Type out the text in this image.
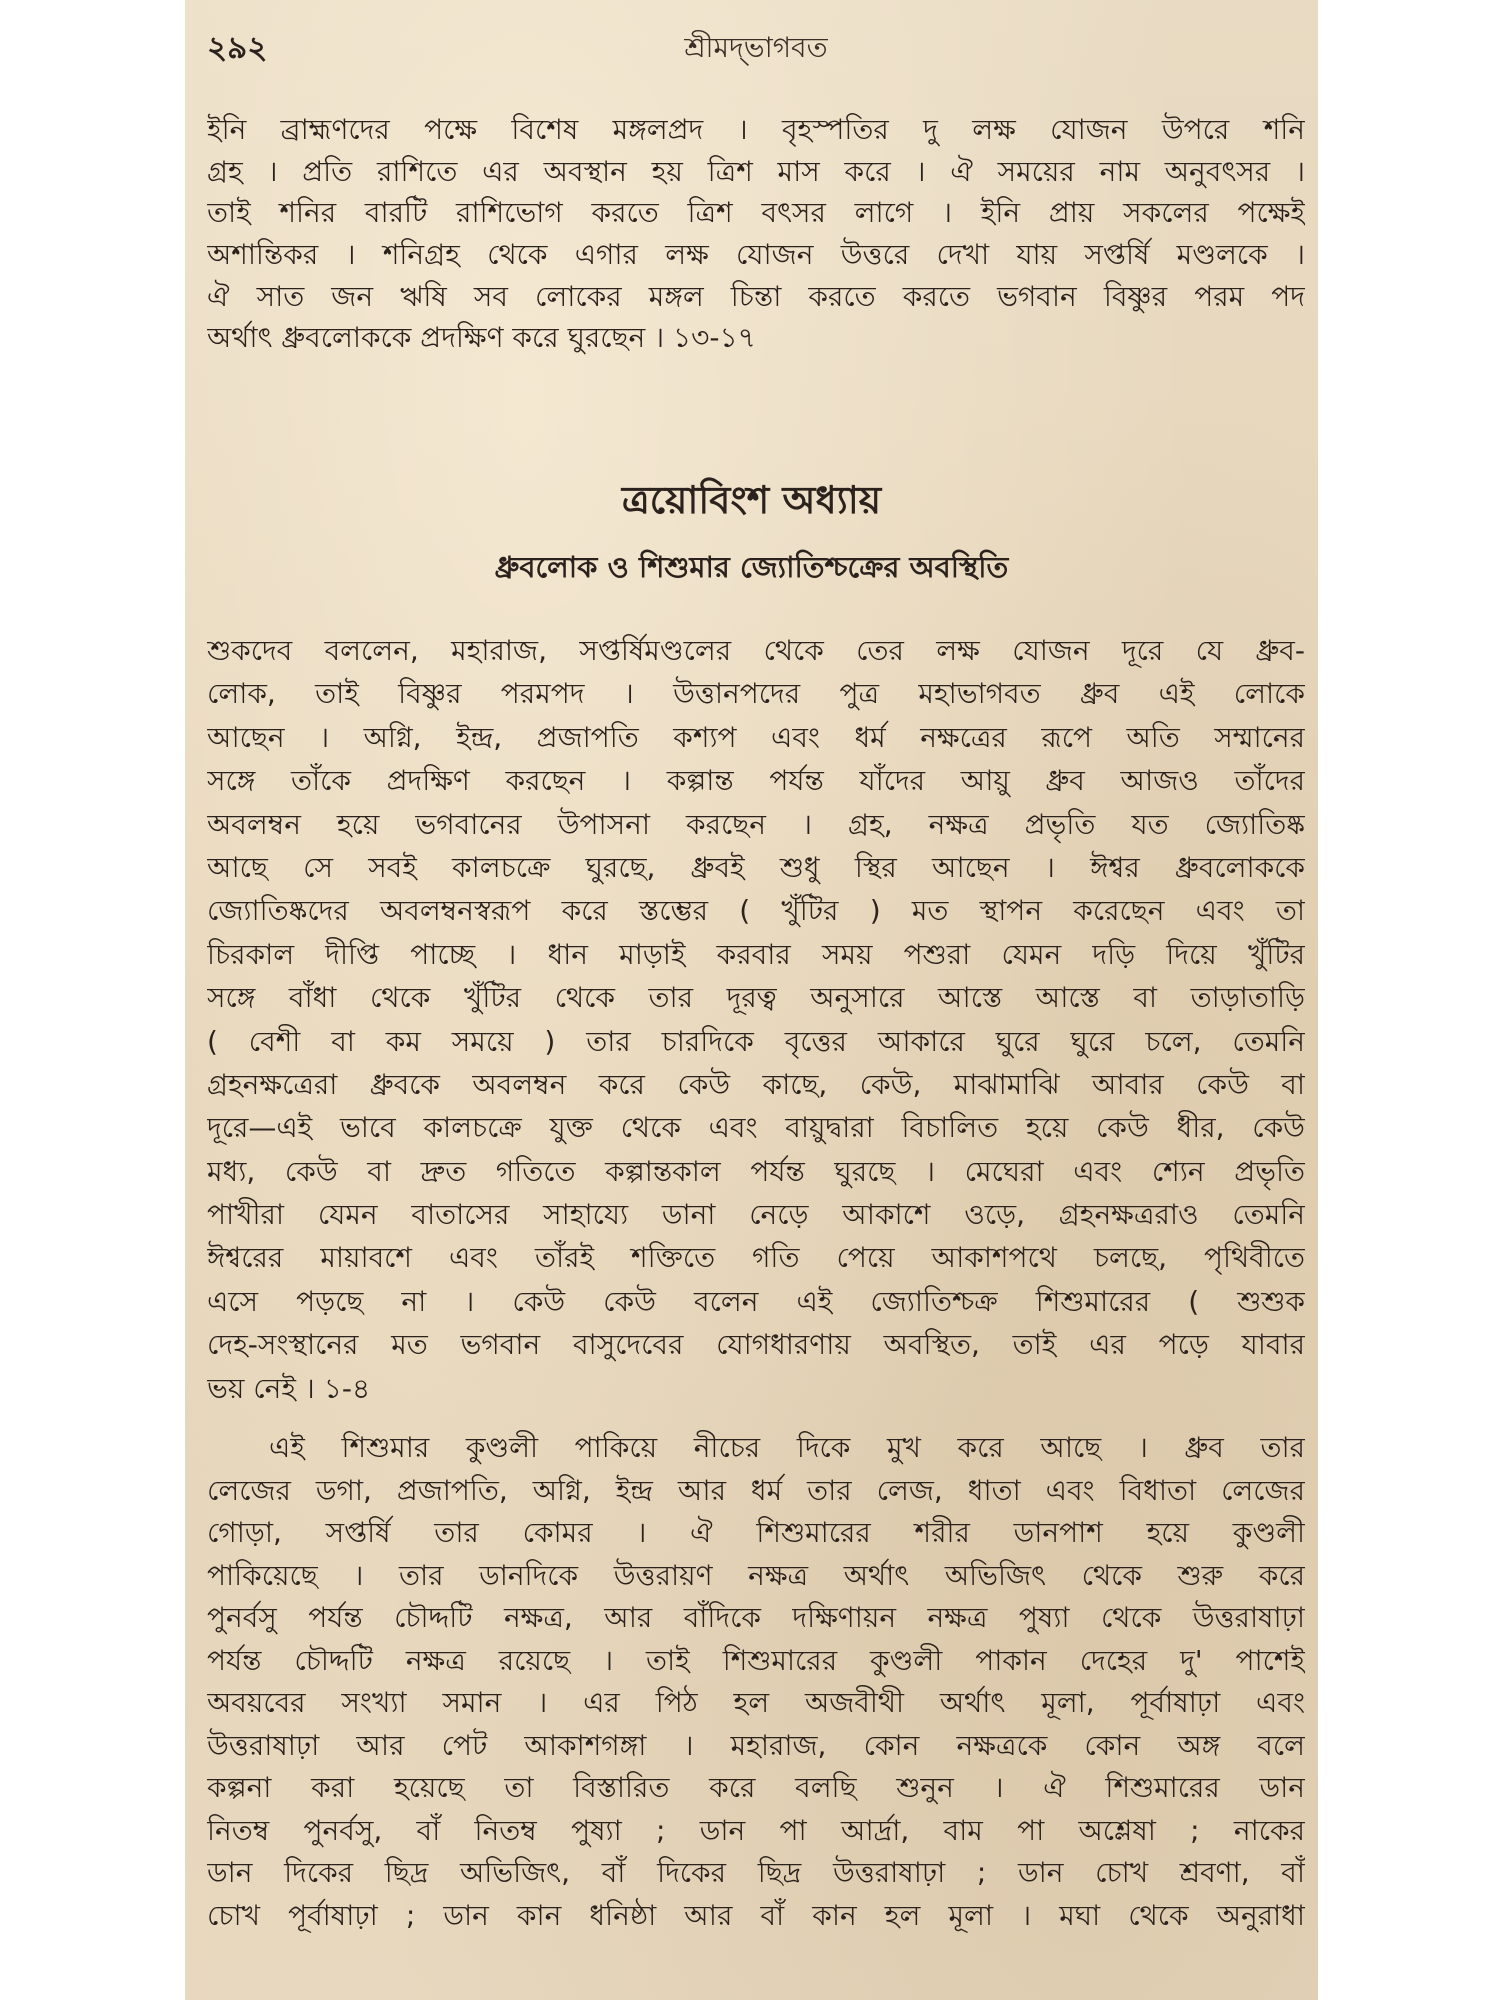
২৯২	শ্রীমদ্‌ভাগবত
ইনি ব্রাহ্মণদের পক্ষে বিশেষ মঙ্গলপ্রদ । বৃহস্পতির দু লক্ষ যোজন উপরে শনি
গ্রহ । প্রতি রাশিতে এর অবস্থান হয় ত্রিশ মাস করে । ঐ সময়ের নাম অনুবৎসর ।
তাই শনির বারটি রাশিভোগ করতে ত্রিশ বৎসর লাগে । ইনি প্রায় সকলের পক্ষেই
অশান্তিকর । শনিগ্রহ থেকে এগার লক্ষ যোজন উত্তরে দেখা যায় সপ্তর্ষি মণ্ডলকে ।
ঐ সাত জন ঋষি সব লোকের মঙ্গল চিন্তা করতে করতে ভগবান বিষ্ণুর পরম পদ
অর্থাৎ ধ্রুবলোককে প্রদক্ষিণ করে ঘুরছেন । ১৩-১৭
ত্রয়োবিংশ অধ্যায়
ধ্রুবলোক ও শিশুমার জ্যোতিশ্চক্রের অবস্থিতি
শুকদেব বললেন, মহারাজ, সপ্তর্ষিমণ্ডলের থেকে তের লক্ষ যোজন দূরে যে ধ্রুব-
লোক, তাই বিষ্ণুর পরমপদ । উত্তানপদের পুত্র মহাভাগবত ধ্রুব এই লোকে
আছেন । অগ্নি, ইন্দ্র, প্রজাপতি কশ্যপ এবং ধর্ম নক্ষত্রের রূপে অতি সম্মানের
সঙ্গে তাঁকে প্রদক্ষিণ করছেন । কল্পান্ত পর্যন্ত যাঁদের আয়ু ধ্রুব আজও তাঁদের
অবলম্বন হয়ে ভগবানের উপাসনা করছেন । গ্রহ, নক্ষত্র প্রভৃতি যত জ্যোতিষ্ক
আছে সে সবই কালচক্রে ঘুরছে, ধ্রুবই শুধু স্থির আছেন । ঈশ্বর ধ্রুবলোককে
জ্যোতিষ্কদের অবলম্বনস্বরূপ করে স্তম্ভের ( খুঁটির ) মত স্থাপন করেছেন এবং তা
চিরকাল দীপ্তি পাচ্ছে । ধান মাড়াই করবার সময় পশুরা যেমন দড়ি দিয়ে খুঁটির
সঙ্গে বাঁধা থেকে খুঁটির থেকে তার দূরত্ব অনুসারে আস্তে আস্তে বা তাড়াতাড়ি
( বেশী বা কম সময়ে ) তার চারদিকে বৃত্তের আকারে ঘুরে ঘুরে চলে, তেমনি
গ্রহনক্ষত্রেরা ধ্রুবকে অবলম্বন করে কেউ কাছে, কেউ, মাঝামাঝি আবার কেউ বা
দূরে—এই ভাবে কালচক্রে যুক্ত থেকে এবং বায়ুদ্বারা বিচালিত হয়ে কেউ ধীর, কেউ
মধ্য, কেউ বা দ্রুত গতিতে কল্পান্তকাল পর্যন্ত ঘুরছে । মেঘেরা এবং শ্যেন প্রভৃতি
পাখীরা যেমন বাতাসের সাহায্যে ডানা নেড়ে আকাশে ওড়ে, গ্রহনক্ষত্ররাও তেমনি
ঈশ্বরের মায়াবশে এবং তাঁরই শক্তিতে গতি পেয়ে আকাশপথে চলছে, পৃথিবীতে
এসে পড়ছে না । কেউ কেউ বলেন এই জ্যোতিশ্চক্র শিশুমারের ( শুশুক
দেহ-সংস্থানের মত ভগবান বাসুদেবের যোগধারণায় অবস্থিত, তাই এর পড়ে যাবার
ভয় নেই । ১-৪
এই শিশুমার কুণ্ডলী পাকিয়ে নীচের দিকে মুখ করে আছে । ধ্রুব তার
লেজের ডগা, প্রজাপতি, অগ্নি, ইন্দ্র আর ধর্ম তার লেজ, ধাতা এবং বিধাতা লেজের
গোড়া, সপ্তর্ষি তার কোমর । ঐ শিশুমারের শরীর ডানপাশ হয়ে কুণ্ডলী
পাকিয়েছে । তার ডানদিকে উত্তরায়ণ নক্ষত্র অর্থাৎ অভিজিৎ থেকে শুরু করে
পুনর্বসু পর্যন্ত চৌদ্দটি নক্ষত্র, আর বাঁদিকে দক্ষিণায়ন নক্ষত্র পুষ্যা থেকে উত্তরাষাঢ়া
পর্যন্ত চৌদ্দটি নক্ষত্র রয়েছে । তাই শিশুমারের কুণ্ডলী পাকান দেহের দু' পাশেই
অবয়বের সংখ্যা সমান । এর পিঠ হল অজবীথী অর্থাৎ মূলা, পূর্বাষাঢ়া এবং
উত্তরাষাঢ়া আর পেট আকাশগঙ্গা । মহারাজ, কোন নক্ষত্রকে কোন অঙ্গ বলে
কল্পনা করা হয়েছে তা বিস্তারিত করে বলছি শুনুন । ঐ শিশুমারের ডান
নিতম্ব পুনর্বসু, বাঁ নিতম্ব পুষ্যা ; ডান পা আর্দ্রা, বাম পা অশ্লেষা ; নাকের
ডান দিকের ছিদ্র অভিজিৎ, বাঁ দিকের ছিদ্র উত্তরাষাঢ়া ; ডান চোখ শ্রবণা, বাঁ
চোখ পূর্বাষাঢ়া ; ডান কান ধনিষ্ঠা আর বাঁ কান হল মূলা । মঘা থেকে অনুরাধা
